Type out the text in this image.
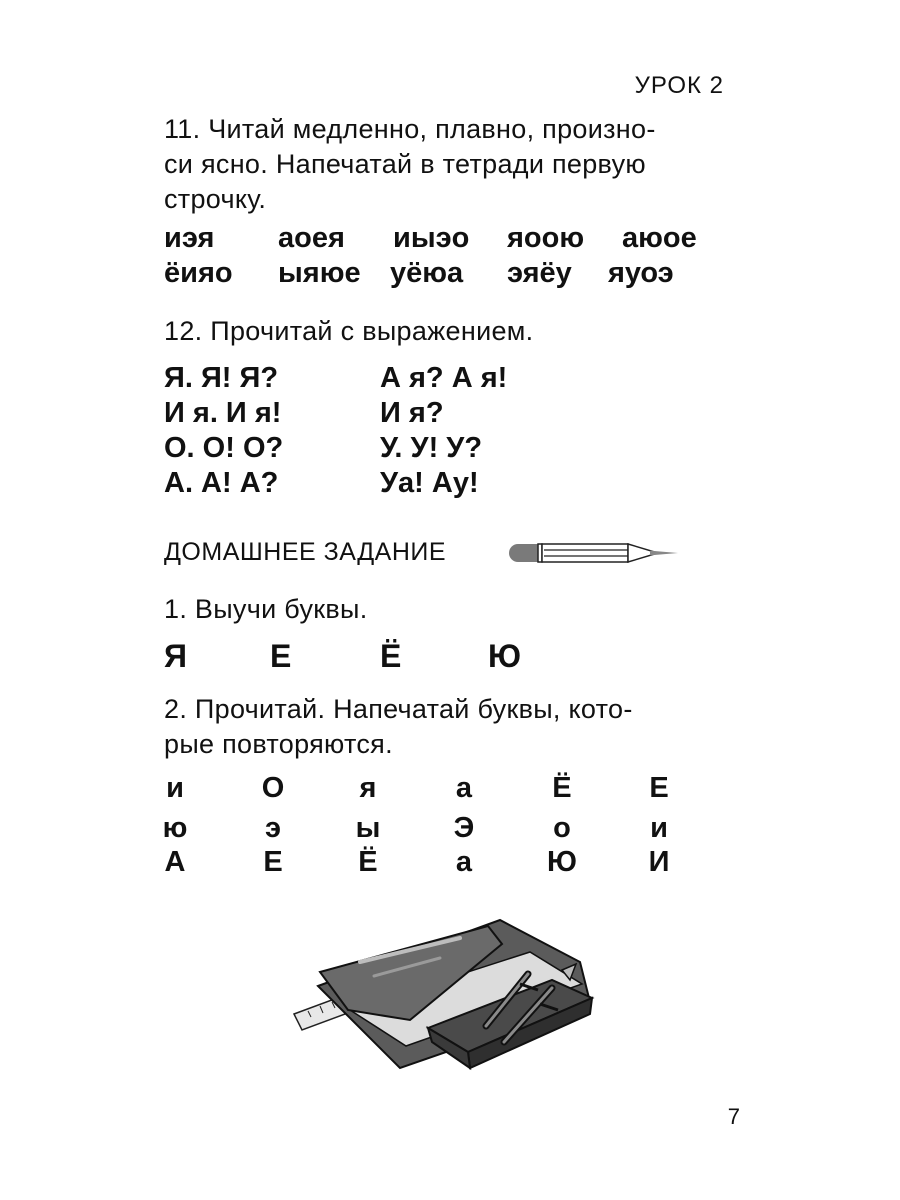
УРОК 2
11. Читай медленно, плавно, произно-
си ясно. Напечатай в тетради первую
строчку.
иэя аоея иыэо яоою аюое
ёияо ыяюе уёюа эяёу яуоэ
12. Прочитай с выражением.
Я. Я! Я?	А я? А я!
И я. И я!	И я?
О. О! О?	У. У! У?
А. А! А?	Уа! Ау!
ДОМАШНЕЕ ЗАДАНИЕ
1. Выучи буквы.
Я	Е	Ё	Ю
2. Прочитай. Напечатай буквы, кото-
рые повторяются.
и	О	я	а	Ё	Е
ю	э	ы	Э	о	и
А	Е	Ё	а	Ю И
7
